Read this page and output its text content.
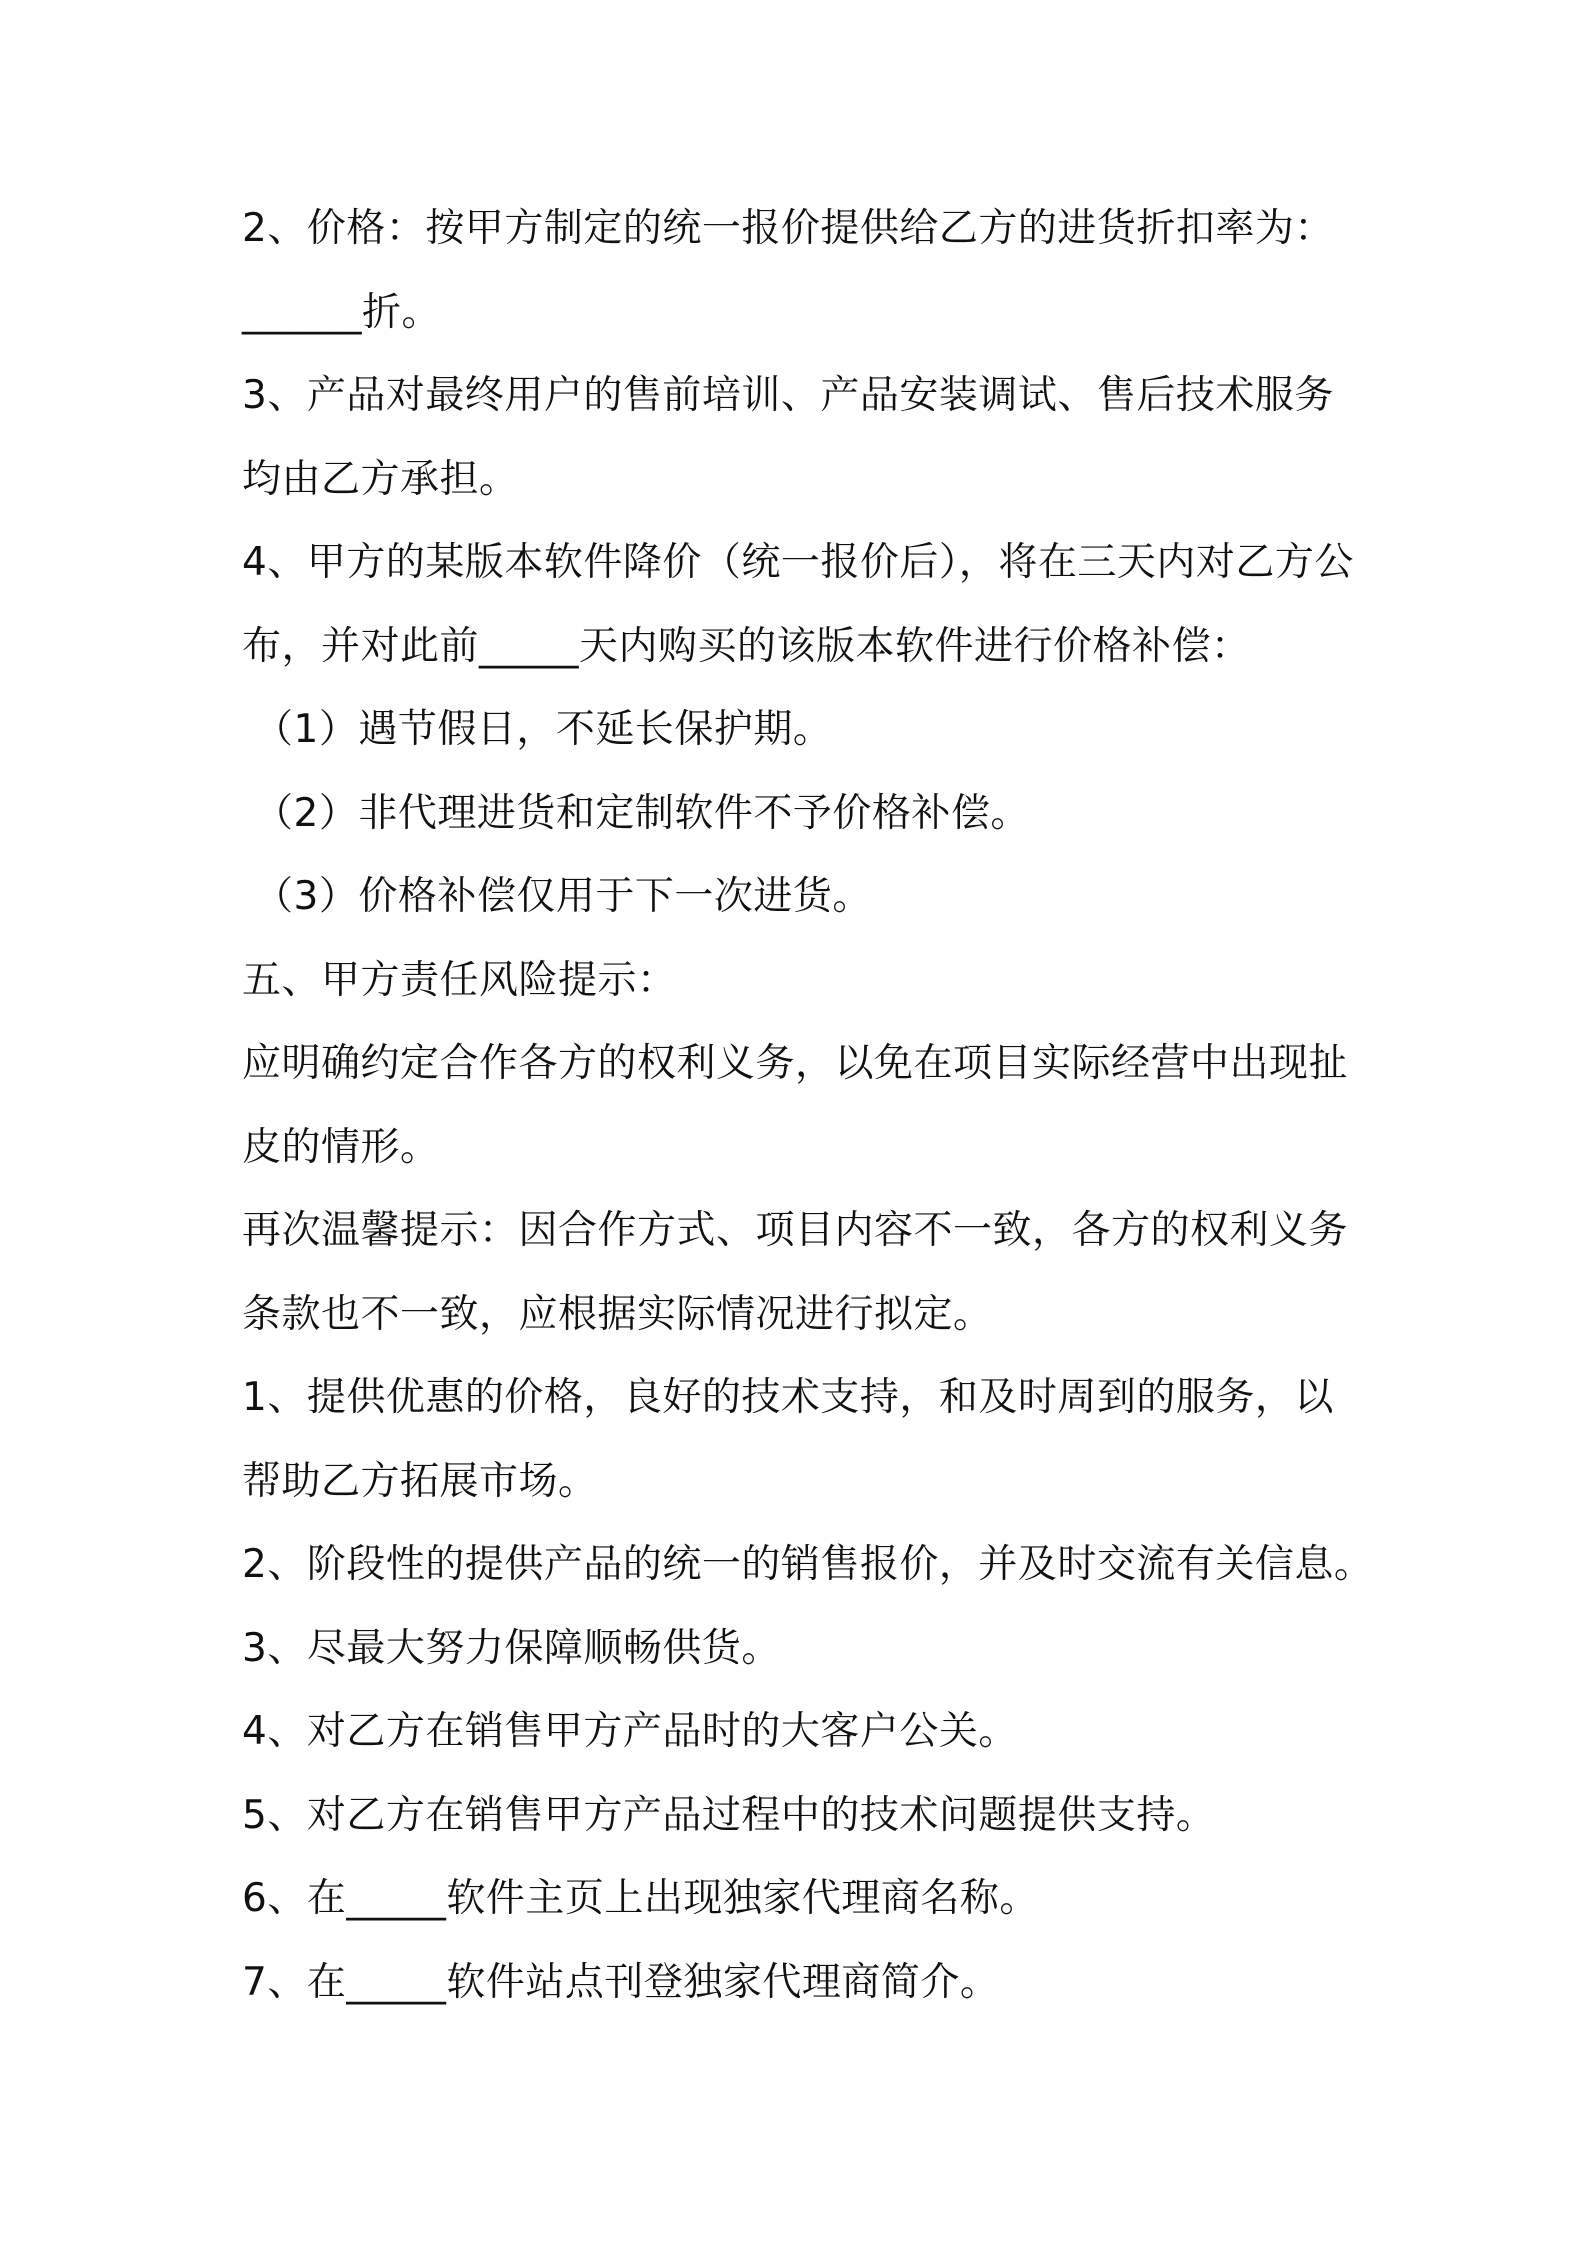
2、价格：按甲方制定的统一报价提供给乙方的进货折扣率为：
______折。
3、产品对最终用户的售前培训、产品安装调试、售后技术服务
均由乙方承担。
4、甲方的某版本软件降价（统一报价后），将在三天内对乙方公
布，并对此前_____天内购买的该版本软件进行价格补偿：
（1）遇节假日，不延长保护期。
（2）非代理进货和定制软件不予价格补偿。
（3）价格补偿仅用于下一次进货。
五、甲方责任风险提示：
应明确约定合作各方的权利义务，以免在项目实际经营中出现扯
皮的情形。
再次温馨提示：因合作方式、项目内容不一致，各方的权利义务
条款也不一致，应根据实际情况进行拟定。
1、提供优惠的价格，良好的技术支持，和及时周到的服务，以
帮助乙方拓展市场。
2、阶段性的提供产品的统一的销售报价，并及时交流有关信息。
3、尽最大努力保障顺畅供货。
4、对乙方在销售甲方产品时的大客户公关。
5、对乙方在销售甲方产品过程中的技术问题提供支持。
6、在_____软件主页上出现独家代理商名称。
7、在_____软件站点刊登独家代理商简介。
